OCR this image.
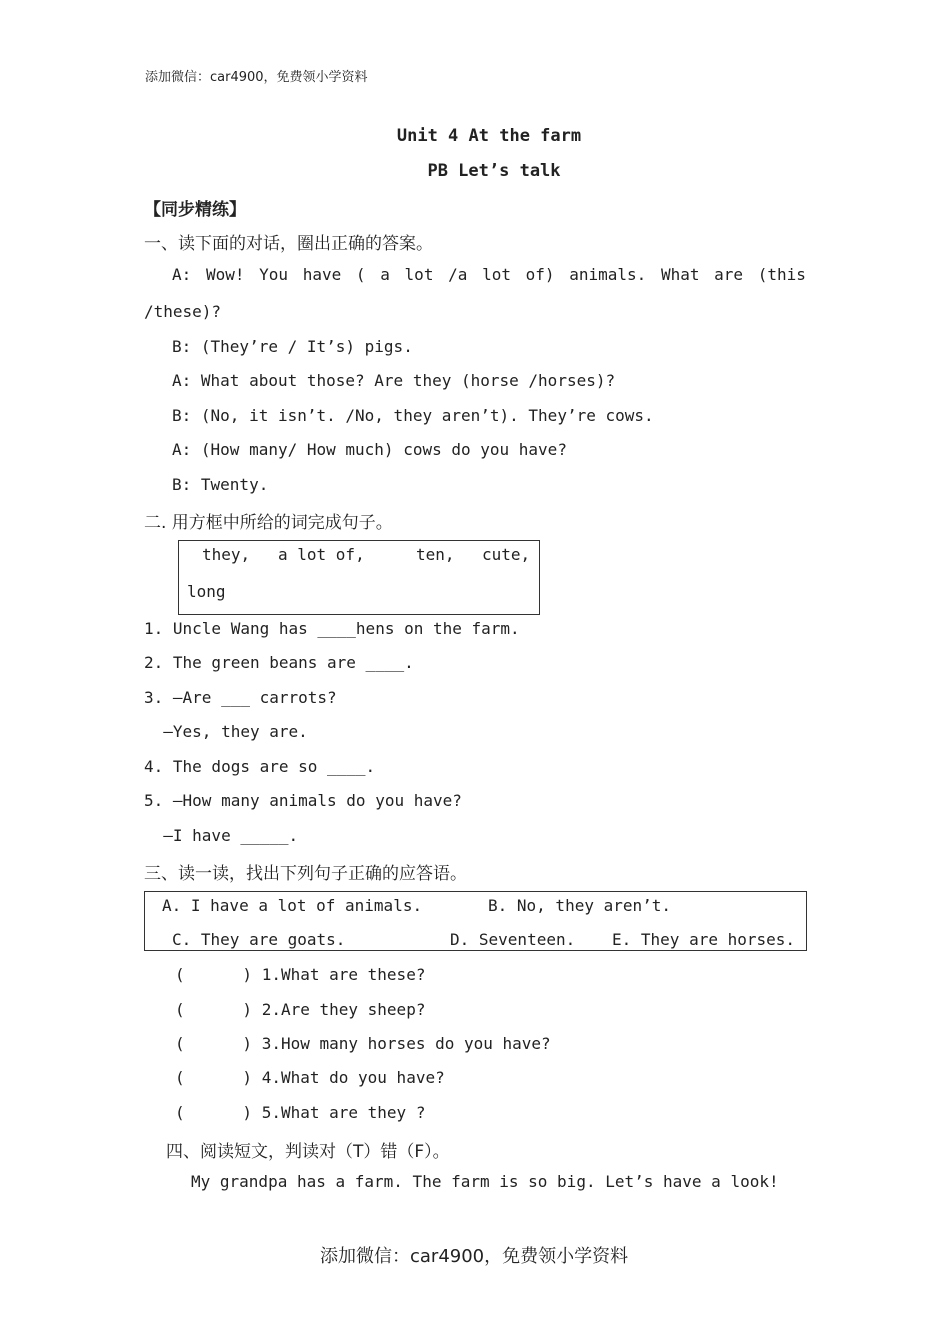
添加微信：car4900，免费领小学资料
Unit 4 At the farm
PB Let’s talk
【同步精练】
一、读下面的对话，圈出正确的答案。
A: Wow! You have ( a lot /a lot of) animals. What are (this
/these)?
B: (They’re / It’s) pigs.
A: What about those? Are they (horse /horses)?
B: (No, it isn’t. /No, they aren’t). They’re cows.
A: (How many/ How much) cows do you have?
B: Twenty.
二. 用方框中所给的词完成句子。
they, a lot of,	ten, cute,
long
1. Uncle Wang has ____hens on the farm.
2. The green beans are ____.
3. —Are ___ carrots?
—Yes, they are.
4. The dogs are so ____.
5. —How many animals do you have?
—I have _____.
三、读一读，找出下列句子正确的应答语。
A. I have a lot of animals.	B. No, they aren’t.
C. They are goats.	D. Seventeen. E. They are horses.
(      ) 1.What are these?
(      ) 2.Are they sheep?
(      ) 3.How many horses do you have?
(      ) 4.What do you have?
(      ) 5.What are they ?
四、阅读短文，判读对（T）错（F）。
My grandpa has a farm. The farm is so big. Let’s have a look!
添加微信：car4900，免费领小学资料
